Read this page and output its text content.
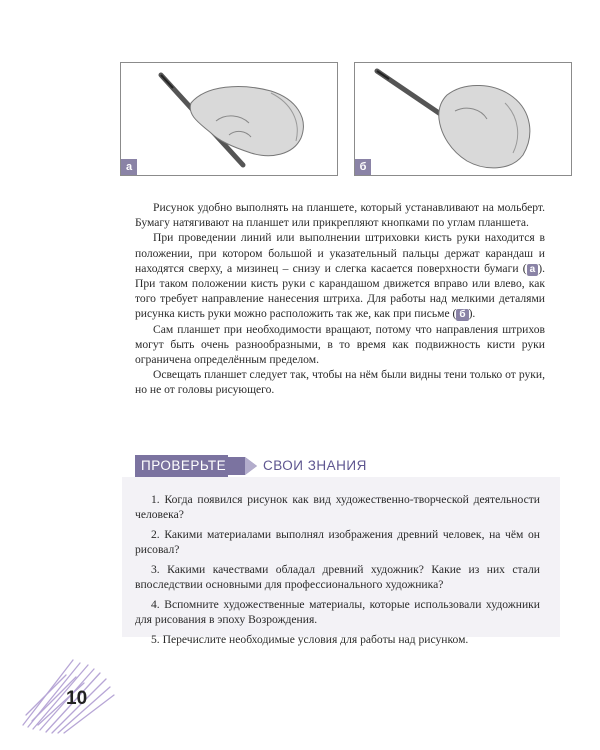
а	б

Рисунок удобно выполнять на планшете, который устанавливают на мольберт. Бумагу натягивают на планшет или прикрепляют кнопками по углам планшета.

При проведении линий или выполнении штриховки кисть руки находится в положении, при котором большой и указательный пальцы держат карандаш и находятся сверху, а мизинец – снизу и слегка касается поверхности бумаги ( а ). При таком положении кисть руки с карандашом движется вправо или влево, как того требует направление нанесения штриха. Для работы над мелкими деталями рисунка кисть руки можно расположить так же, как при письме ( б ).

Сам планшет при необходимости вращают, потому что направления штрихов могут быть очень разнообразными, в то время как подвижность кисти руки ограничена определённым пределом.

Освещать планшет следует так, чтобы на нём были видны тени только от руки, но не от головы рисующего.

ПРОВЕРЬТЕ	СВОИ ЗНАНИЯ
1. Когда появился рисунок как вид художественно-творческой деятельности человека?
2. Какими материалами выполнял изображения древний человек, на чём он рисовал?
3. Какими качествами обладал древний художник? Какие из них стали впоследствии основными для профессионального художника?
4. Вспомните художественные материалы, которые использовали художники для рисования в эпоху Возрождения.
5. Перечислите необходимые условия для работы над рисунком.
10
